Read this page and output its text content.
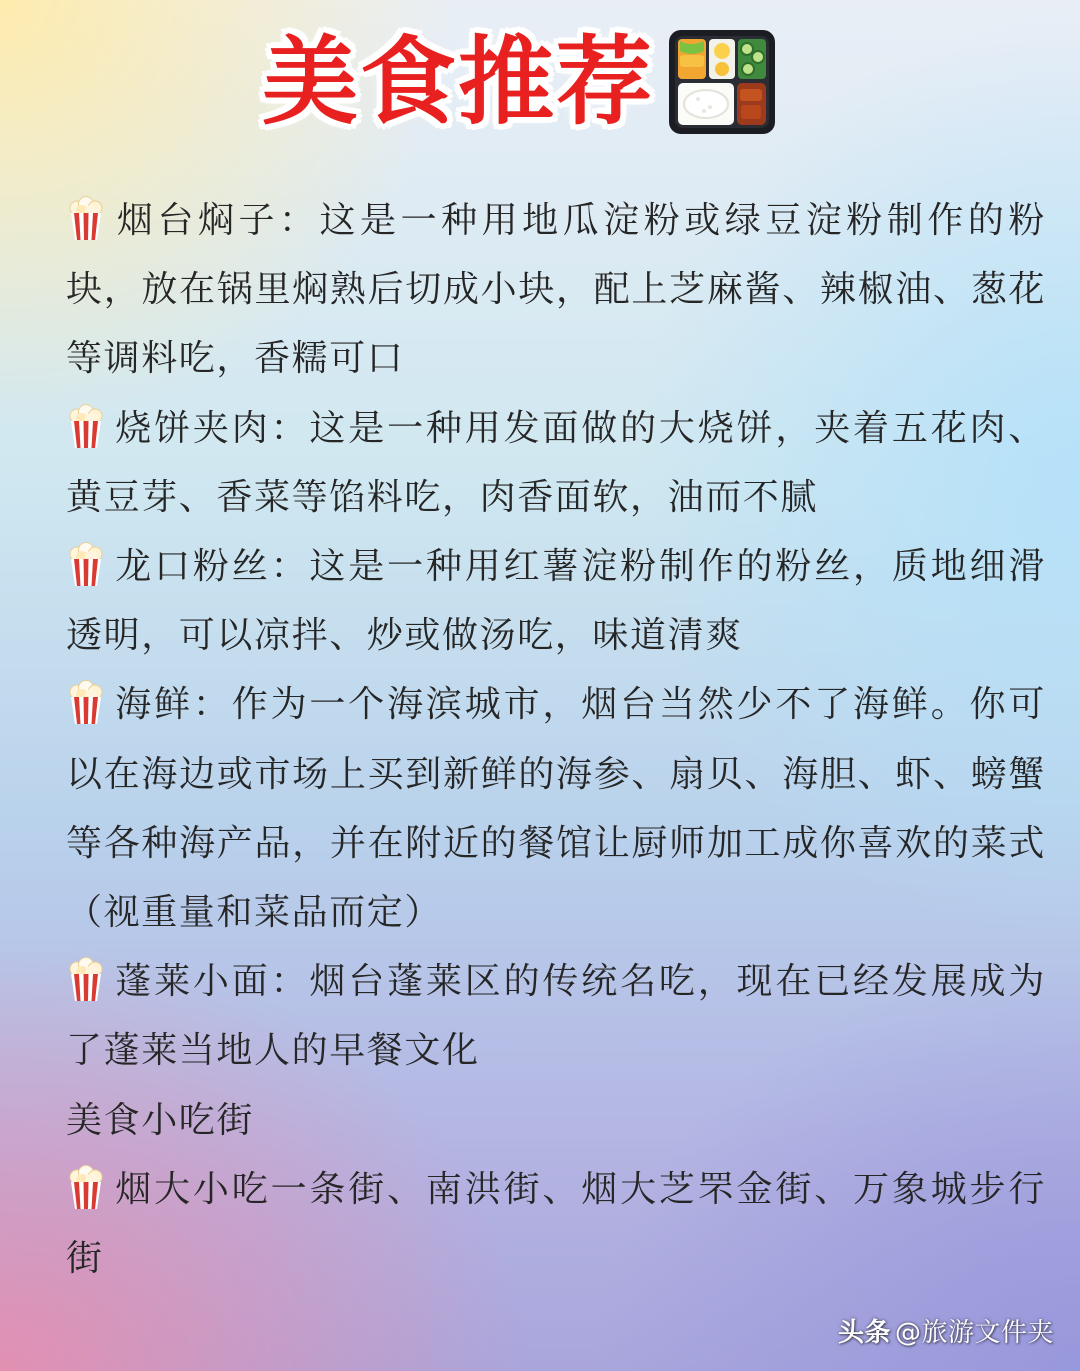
美食推荐

烟台焖子：这是一种用地瓜淀粉或绿豆淀粉制作的粉块，放在锅里焖熟后切成小块，配上芝麻酱、辣椒油、葱花等调料吃，香糯可口

烧饼夹肉：这是一种用发面做的大烧饼，夹着五花肉、黄豆芽、香菜等馅料吃，肉香面软，油而不腻

龙口粉丝：这是一种用红薯淀粉制作的粉丝，质地细滑透明，可以凉拌、炒或做汤吃，味道清爽

海鲜：作为一个海滨城市，烟台当然少不了海鲜。你可以在海边或市场上买到新鲜的海参、扇贝、海胆、虾、螃蟹等各种海产品，并在附近的餐馆让厨师加工成你喜欢的菜式（视重量和菜品而定）

蓬莱小面：烟台蓬莱区的传统名吃，现在已经发展成为了蓬莱当地人的早餐文化

美食小吃街

烟大小吃一条街、南洪街、烟大芝罘金街、万象城步行街

头条 @旅游文件夹
